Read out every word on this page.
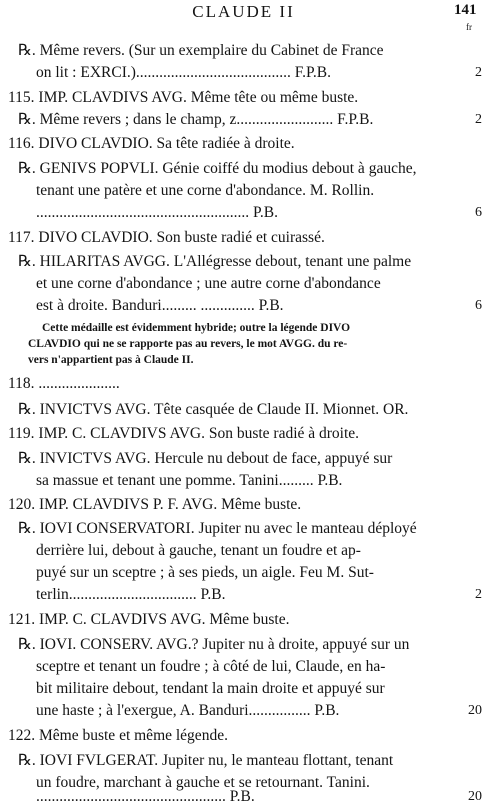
CLAUDE II	141
fr
℞. Même revers. (Sur un exemplaire du Cabinet de France
on lit : EXRCI.)........................................ F.P.B.	2
115. IMP. CLAVDIVS AVG. Même tête ou même buste.
℞. Même revers ; dans le champ, z......................... F.P.B.	2
116. DIVO CLAVDIO. Sa tête radiée à droite.
℞. GENIVS POPVLI. Génie coiffé du modius debout à gauche,
tenant une patère et une corne d'abondance. M. Rollin.
....................................................... P.B.	6
117. DIVO CLAVDIO. Son buste radié et cuirassé.
℞. HILARITAS AVGG. L'Allégresse debout, tenant une palme
et une corne d'abondance ; une autre corne d'abondance
est à droite. Banduri......... .............. P.B.	6
Cette médaille est évidemment hybride; outre la légende DIVO
CLAVDIO qui ne se rapporte pas au revers, le mot AVGG. du re-
vers n'appartient pas à Claude II.
118. .....................
℞. INVICTVS AVG. Tête casquée de Claude II. Mionnet. OR.
119. IMP. C. CLAVDIVS AVG. Son buste radié à droite.
℞. INVICTVS AVG. Hercule nu debout de face, appuyé sur
sa massue et tenant une pomme. Tanini......... P.B.
120. IMP. CLAVDIVS P. F. AVG. Même buste.
℞. IOVI CONSERVATORI. Jupiter nu avec le manteau déployé
derrière lui, debout à gauche, tenant un foudre et ap-
puyé sur un sceptre ; à ses pieds, un aigle. Feu M. Sut-
terlin................................. P.B.	2
121. IMP. C. CLAVDIVS AVG. Même buste.
℞. IOVI. CONSERV. AVG.? Jupiter nu à droite, appuyé sur un
sceptre et tenant un foudre ; à côté de lui, Claude, en ha-
bit militaire debout, tendant la main droite et appuyé sur
une haste ; à l'exergue, A. Banduri................ P.B.	20
122. Même buste et même légende.
℞. IOVI FVLGERAT. Jupiter nu, le manteau flottant, tenant
un foudre, marchant à gauche et se retournant. Tanini.
................................................. P.B.	20
